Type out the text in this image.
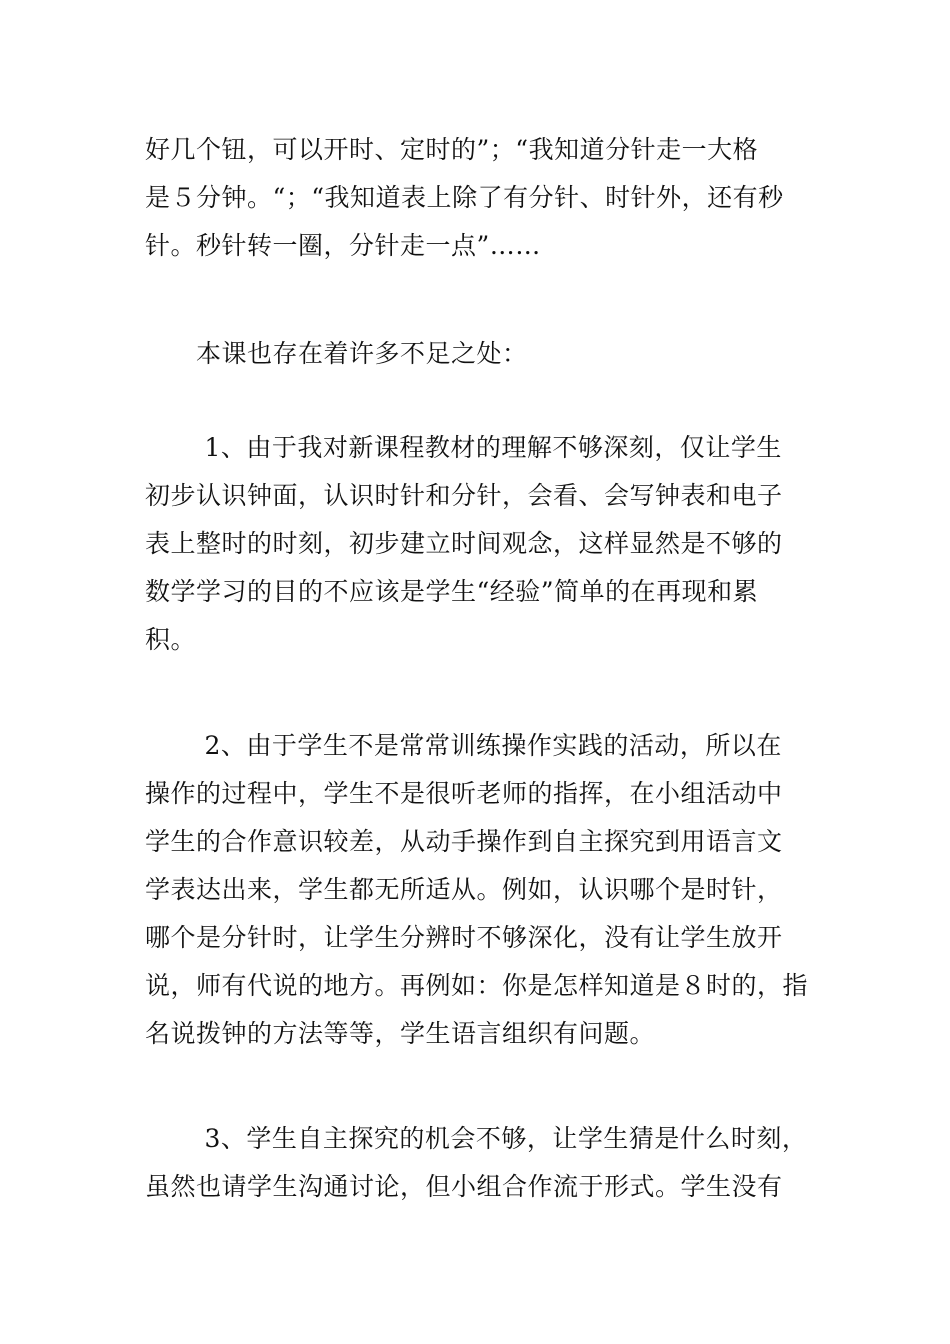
好几个钮，可以开时、定时的”；“我知道分针走一大格
是５分钟。“；“我知道表上除了有分针、时针外，还有秒
针。秒针转一圈，分针走一点”……

　　本课也存在着许多不足之处：

　　 1、由于我对新课程教材的理解不够深刻，仅让学生
初步认识钟面，认识时针和分针，会看、会写钟表和电子
表上整时的时刻，初步建立时间观念，这样显然是不够的
数学学习的目的不应该是学生“经验”简单的在再现和累
积。

　　 2、由于学生不是常常训练操作实践的活动，所以在
操作的过程中，学生不是很听老师的指挥，在小组活动中
学生的合作意识较差，从动手操作到自主探究到用语言文
学表达出来，学生都无所适从。例如，认识哪个是时针，
哪个是分针时，让学生分辨时不够深化，没有让学生放开
说，师有代说的地方。再例如：你是怎样知道是８时的，指
名说拨钟的方法等等，学生语言组织有问题。

　　 3、学生自主探究的机会不够，让学生猜是什么时刻，
虽然也请学生沟通讨论，但小组合作流于形式。学生没有
